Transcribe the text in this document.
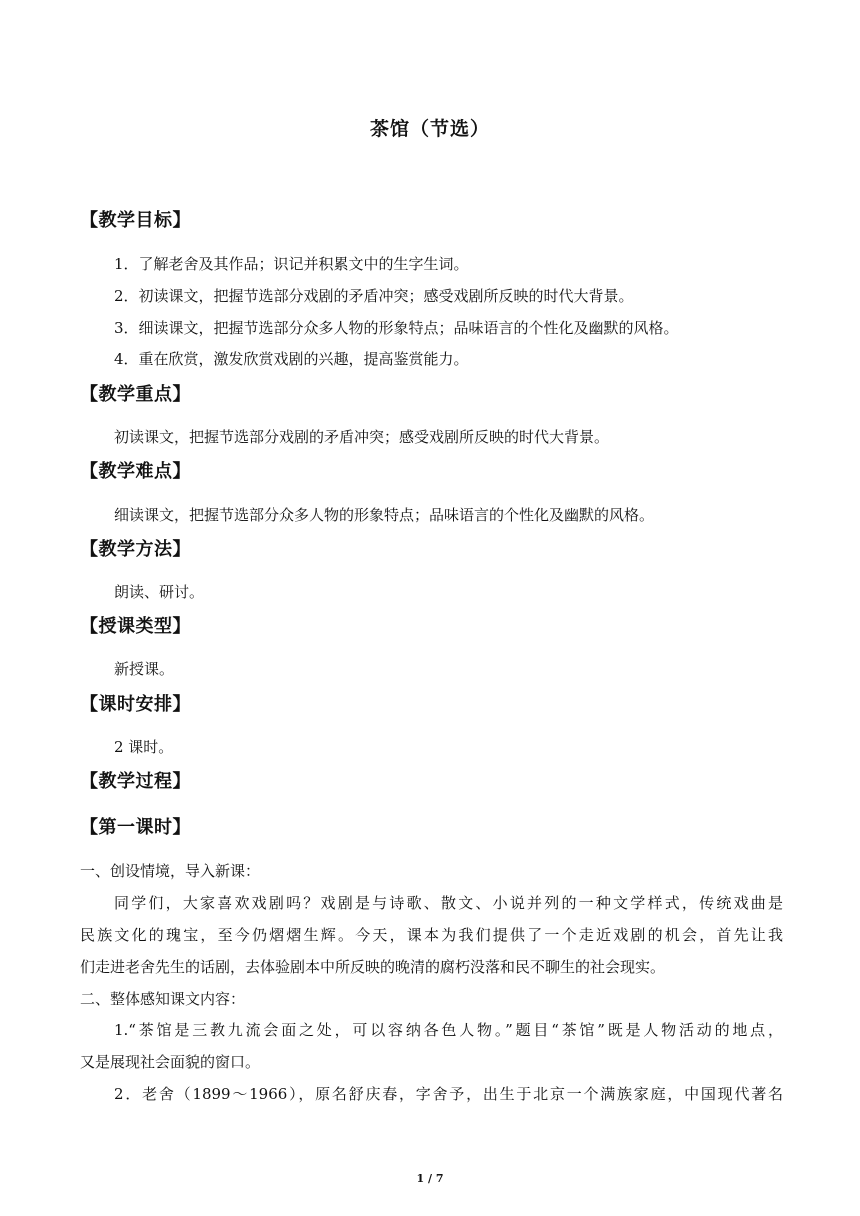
茶馆（节选）
【教学目标】
1．了解老舍及其作品；识记并积累文中的生字生词。
2．初读课文，把握节选部分戏剧的矛盾冲突；感受戏剧所反映的时代大背景。
3．细读课文，把握节选部分众多人物的形象特点；品味语言的个性化及幽默的风格。
4．重在欣赏，激发欣赏戏剧的兴趣，提高鉴赏能力。
【教学重点】
初读课文，把握节选部分戏剧的矛盾冲突；感受戏剧所反映的时代大背景。
【教学难点】
细读课文，把握节选部分众多人物的形象特点；品味语言的个性化及幽默的风格。
【教学方法】
朗读、研讨。
【授课类型】
新授课。
【课时安排】
2 课时。
【教学过程】
【第一课时】
一、创设情境，导入新课：
同学们，大家喜欢戏剧吗？戏剧是与诗歌、散文、小说并列的一种文学样式，传统戏曲是
民族文化的瑰宝，至今仍熠熠生辉。今天，课本为我们提供了一个走近戏剧的机会，首先让我
们走进老舍先生的话剧，去体验剧本中所反映的晚清的腐朽没落和民不聊生的社会现实。
二、整体感知课文内容：
1.“茶馆是三教九流会面之处，可以容纳各色人物。”题目“茶馆”既是人物活动的地点，
又是展现社会面貌的窗口。
2．老舍（1899～1966），原名舒庆春，字舍予，出生于北京一个满族家庭，中国现代著名
1 / 7
